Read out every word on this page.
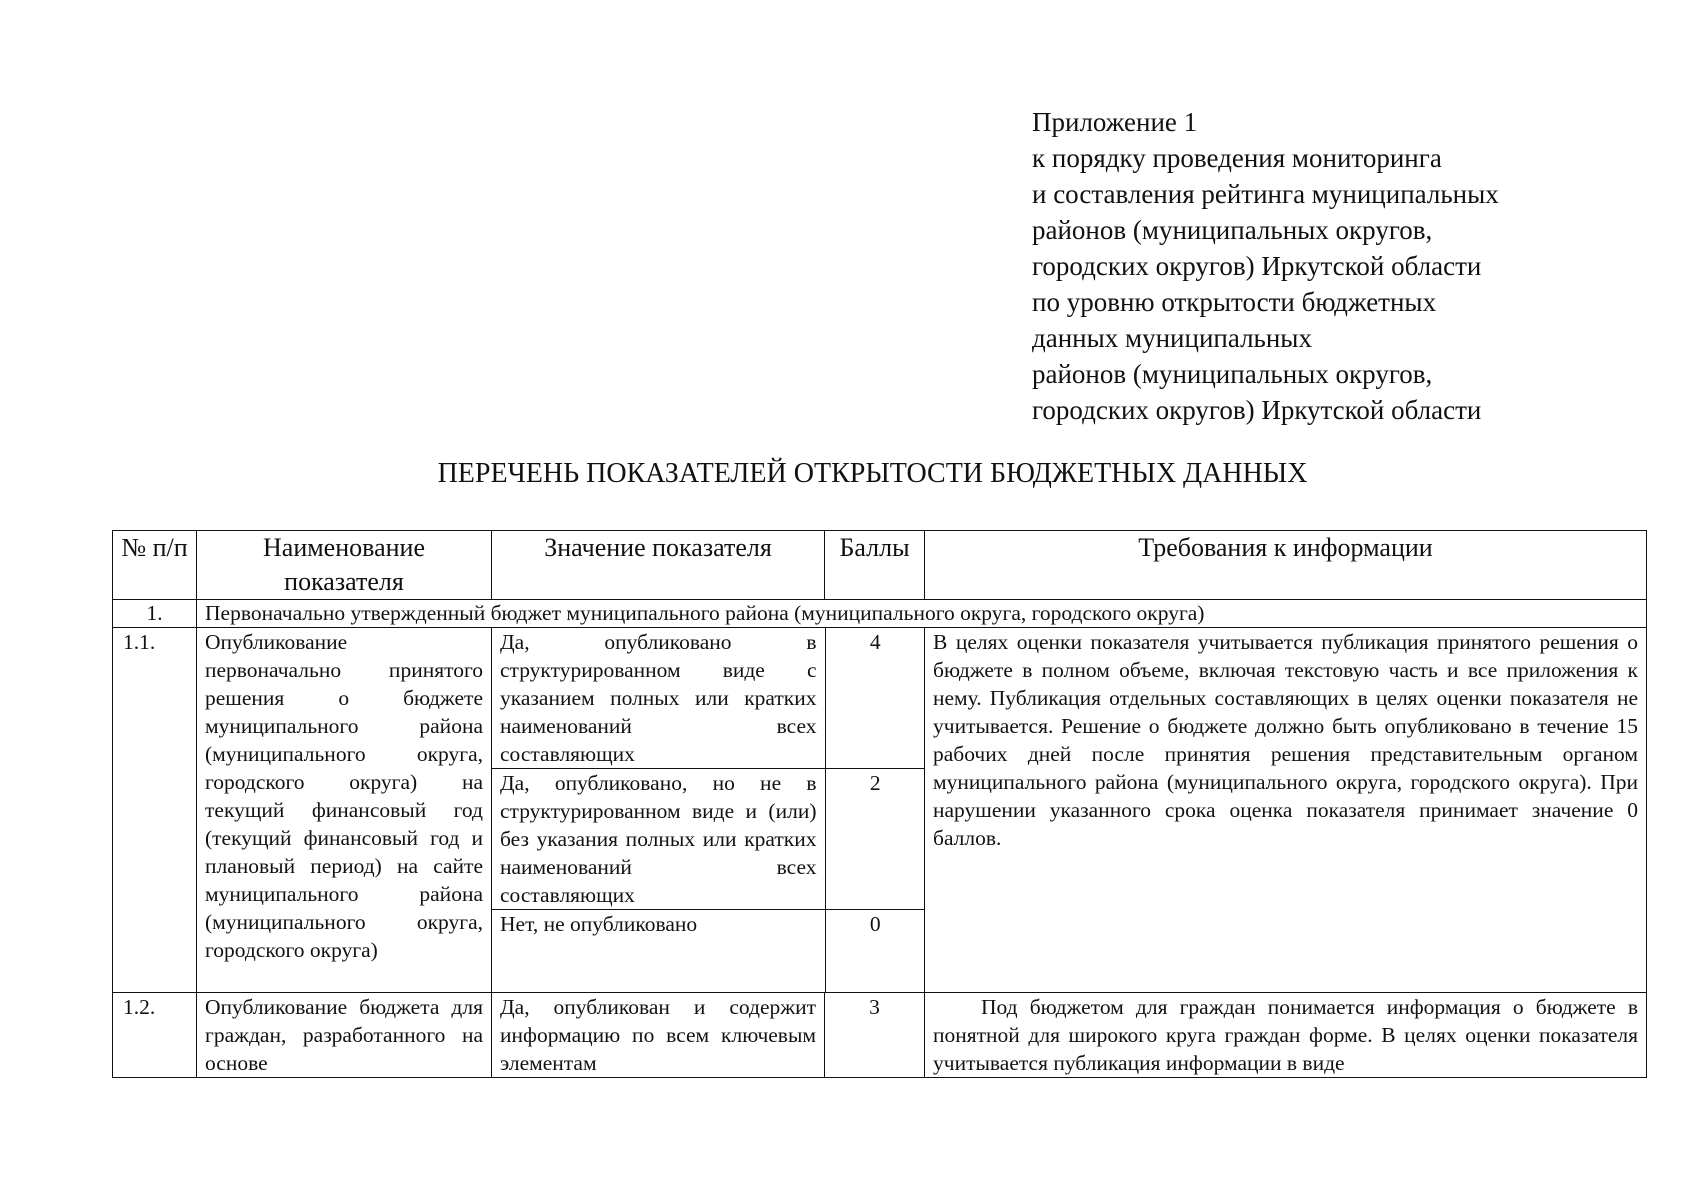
Приложение 1
к порядку проведения мониторинга
и составления рейтинга муниципальных
районов (муниципальных округов,
городских округов) Иркутской области
по уровню открытости бюджетных
данных муниципальных
районов (муниципальных округов,
городских округов) Иркутской области
ПЕРЕЧЕНЬ ПОКАЗАТЕЛЕЙ ОТКРЫТОСТИ БЮДЖЕТНЫХ ДАННЫХ
№ п/п	Наименование показателя	Значение показателя	Баллы	Требования к информации
1.	Первоначально утвержденный бюджет муниципального района (муниципального округа, городского округа)
1.1.	Опубликование первоначально принятого решения о бюджете муниципального района (муниципального округа, городского округа) на текущий финансовый год (текущий финансовый год и плановый период) на сайте муниципального района (муниципального округа, городского округа)	
Да, опубликовано в структурированном виде с указанием полных или кратких наименований всех составляющих	4
Да, опубликовано, но не в структурированном виде и (или) без указания полных или кратких наименований всех составляющих	2
Нет, не опубликовано	0
	В целях оценки показателя учитывается публикация принятого решения о бюджете в полном объеме, включая текстовую часть и все приложения к нему. Публикация отдельных составляющих в целях оценки показателя не учитывается. Решение о бюджете должно быть опубликовано в течение 15 рабочих дней после принятия решения представительным органом муниципального района (муниципального округа, городского округа). При нарушении указанного срока оценка показателя принимает значение 0 баллов.
1.2.	Опубликование бюджета для граждан, разработанного на основе	Да, опубликован и содержит информацию по всем ключевым элементам	3	Под бюджетом для граждан понимается информация о бюджете в понятной для широкого круга граждан форме. В целях оценки показателя учитывается публикация информации в виде
